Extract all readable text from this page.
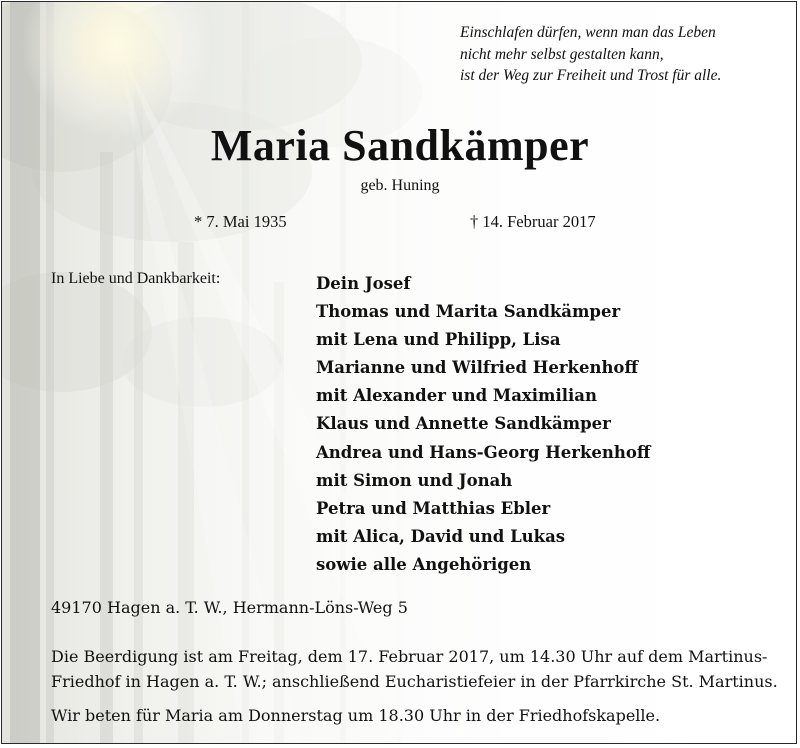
Einschlafen dürfen, wenn man das Leben
nicht mehr selbst gestalten kann,
ist der Weg zur Freiheit und Trost für alle.
Maria Sandkämper
geb. Huning
* 7. Mai 1935	† 14. Februar 2017
In Liebe und Dankbarkeit:	Dein Josef
Thomas und Marita Sandkämper
mit Lena und Philipp, Lisa
Marianne und Wilfried Herkenhoff
mit Alexander und Maximilian
Klaus und Annette Sandkämper
Andrea und Hans-Georg Herkenhoff
mit Simon und Jonah
Petra und Matthias Ebler
mit Alica, David und Lukas
sowie alle Angehörigen
49170 Hagen a. T. W., Hermann-Löns-Weg 5
Die Beerdigung ist am Freitag, dem 17. Februar 2017, um 14.30 Uhr auf dem Martinus-
Friedhof in Hagen a. T. W.; anschließend Eucharistiefeier in der Pfarrkirche St. Martinus.
Wir beten für Maria am Donnerstag um 18.30 Uhr in der Friedhofskapelle.
